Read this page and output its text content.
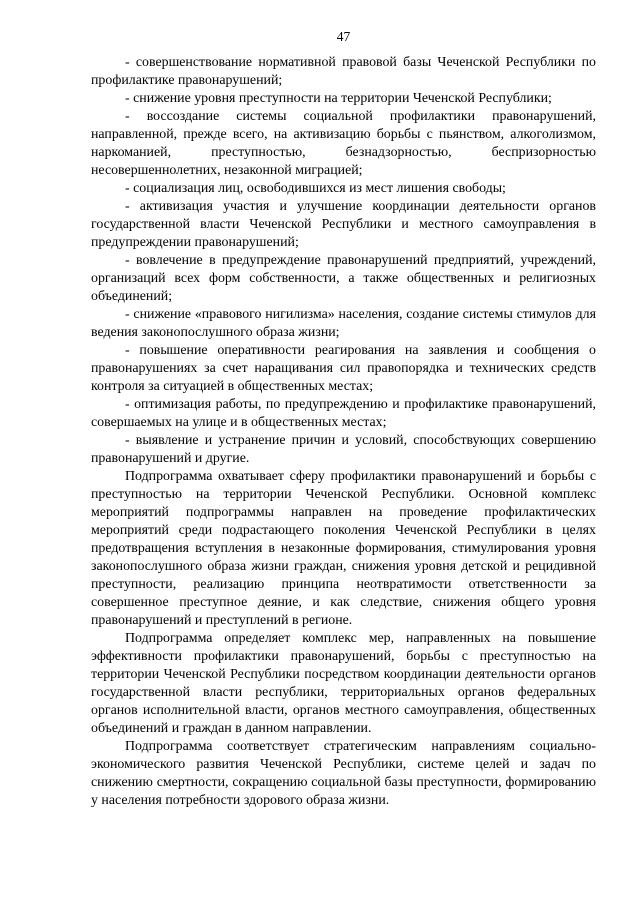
47

- совершенствование нормативной правовой базы Чеченской Республики по профилактике правонарушений;

- снижение уровня преступности на территории Чеченской Республики;

- воссоздание системы социальной профилактики правонарушений, направленной, прежде всего, на активизацию борьбы с пьянством, алкоголизмом, наркоманией, преступностью, безнадзорностью, беспризорностью несовершеннолетних, незаконной миграцией;

- социализация лиц, освободившихся из мест лишения свободы;

- активизация участия и улучшение координации деятельности органов государственной власти Чеченской Республики и местного самоуправления в предупреждении правонарушений;

- вовлечение в предупреждение правонарушений предприятий, учреждений, организаций всех форм собственности, а также общественных и религиозных объединений;

- снижение «правового нигилизма» населения, создание системы стимулов для ведения законопослушного образа жизни;

- повышение оперативности реагирования на заявления и сообщения о правонарушениях за счет наращивания сил правопорядка и технических средств контроля за ситуацией в общественных местах;

- оптимизация работы, по предупреждению и профилактике правонарушений, совершаемых на улице и в общественных местах;

- выявление и устранение причин и условий, способствующих совершению правонарушений и другие.

Подпрограмма охватывает сферу профилактики правонарушений и борьбы с преступностью на территории Чеченской Республики. Основной комплекс мероприятий подпрограммы направлен на проведение профилактических мероприятий среди подрастающего поколения Чеченской Республики в целях предотвращения вступления в незаконные формирования, стимулирования уровня законопослушного образа жизни граждан, снижения уровня детской и рецидивной преступности, реализацию принципа неотвратимости ответственности за совершенное преступное деяние, и как следствие, снижения общего уровня правонарушений и преступлений в регионе.

Подпрограмма определяет комплекс мер, направленных на повышение эффективности профилактики правонарушений, борьбы с преступностью на территории Чеченской Республики посредством координации деятельности органов государственной власти республики, территориальных органов федеральных органов исполнительной власти, органов местного самоуправления, общественных объединений и граждан в данном направлении.

Подпрограмма соответствует стратегическим направлениям социально-экономического развития Чеченской Республики, системе целей и задач по снижению смертности, сокращению социальной базы преступности, формированию у населения потребности здорового образа жизни.
